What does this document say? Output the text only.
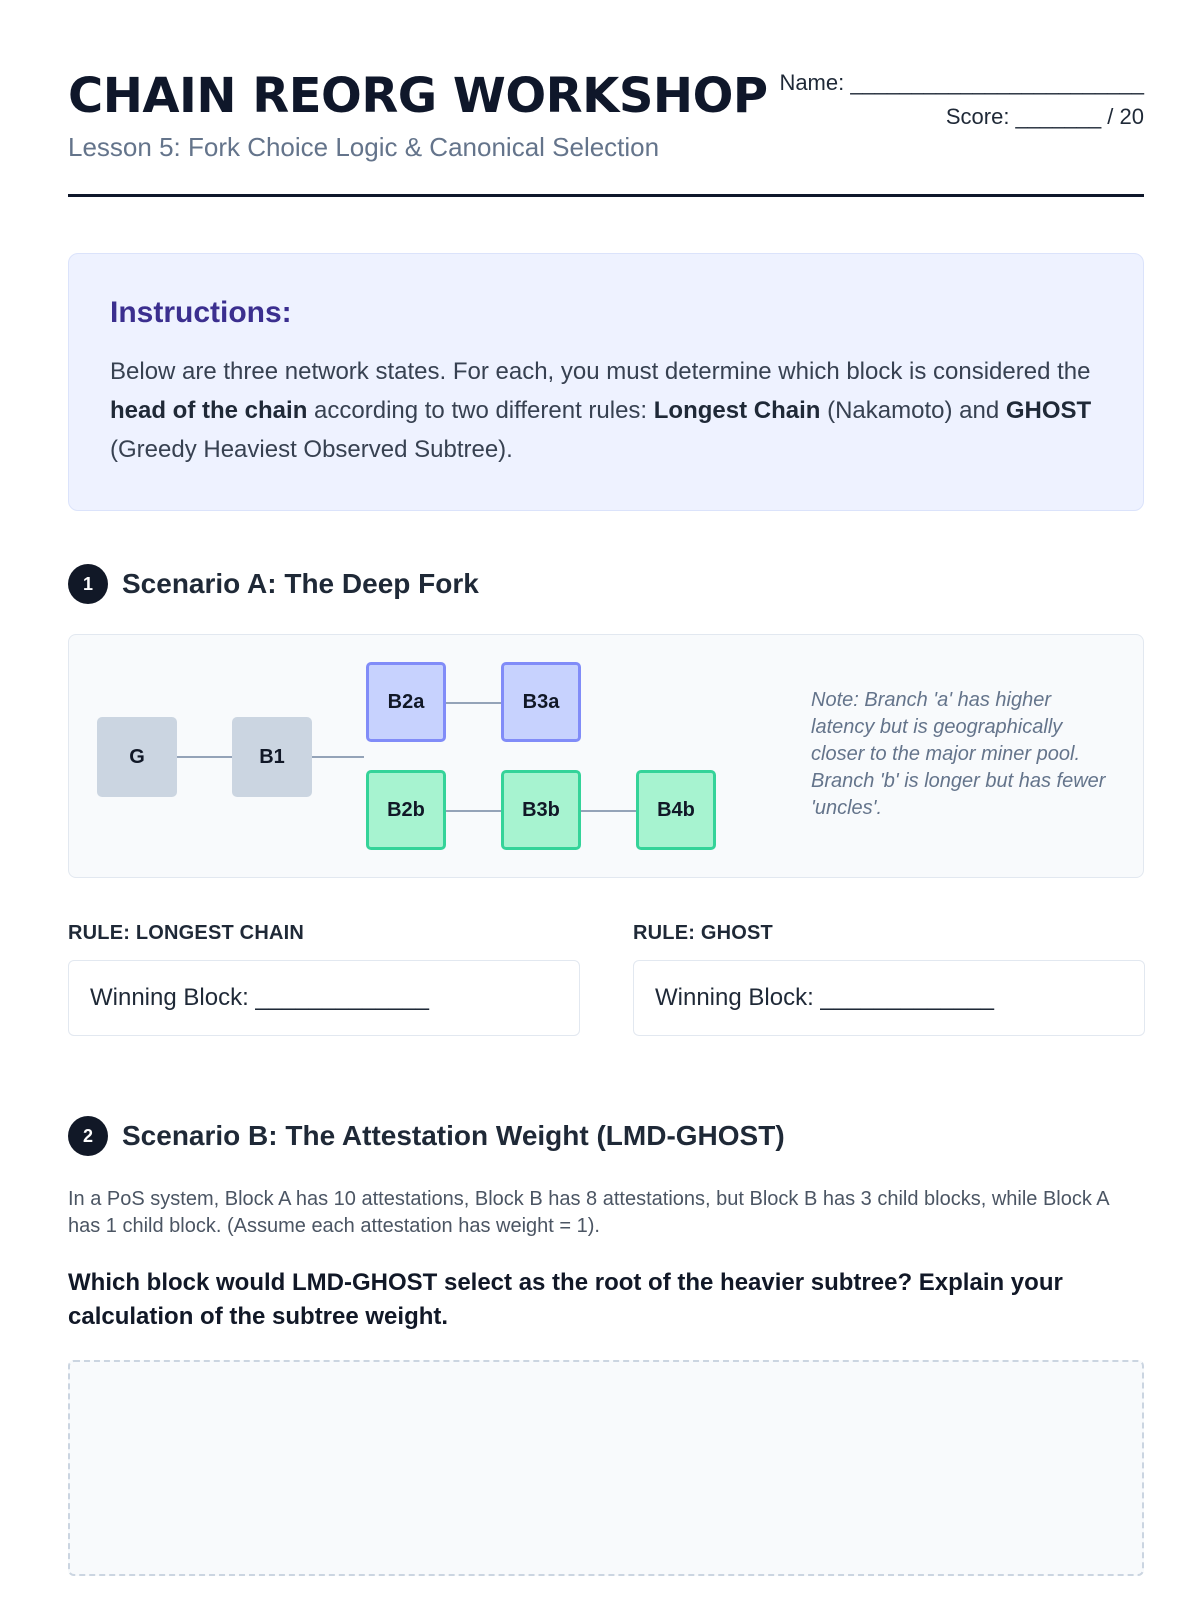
CHAIN REORG WORKSHOP
Lesson 5: Fork Choice Logic & Canonical Selection
Name: ________________________
Score: _______ / 20
Instructions:
Below are three network states. For each, you must determine which block is considered the head of the chain according to two different rules: Longest Chain (Nakamoto) and GHOST (Greedy Heaviest Observed Subtree).
1	Scenario A: The Deep Fork
G	B1
B2a	B3a
B2b	B3b	B4b
Note: Branch 'a' has higher latency but is geographically closer to the major miner pool. Branch 'b' is longer but has fewer 'uncles'.
RULE: LONGEST CHAIN	RULE: GHOST
Winning Block: _____________	Winning Block: _____________
2	Scenario B: The Attestation Weight (LMD-GHOST)
In a PoS system, Block A has 10 attestations, Block B has 8 attestations, but Block B has 3 child blocks, while Block A has 1 child block. (Assume each attestation has weight = 1).
Which block would LMD-GHOST select as the root of the heavier subtree? Explain your calculation of the subtree weight.
